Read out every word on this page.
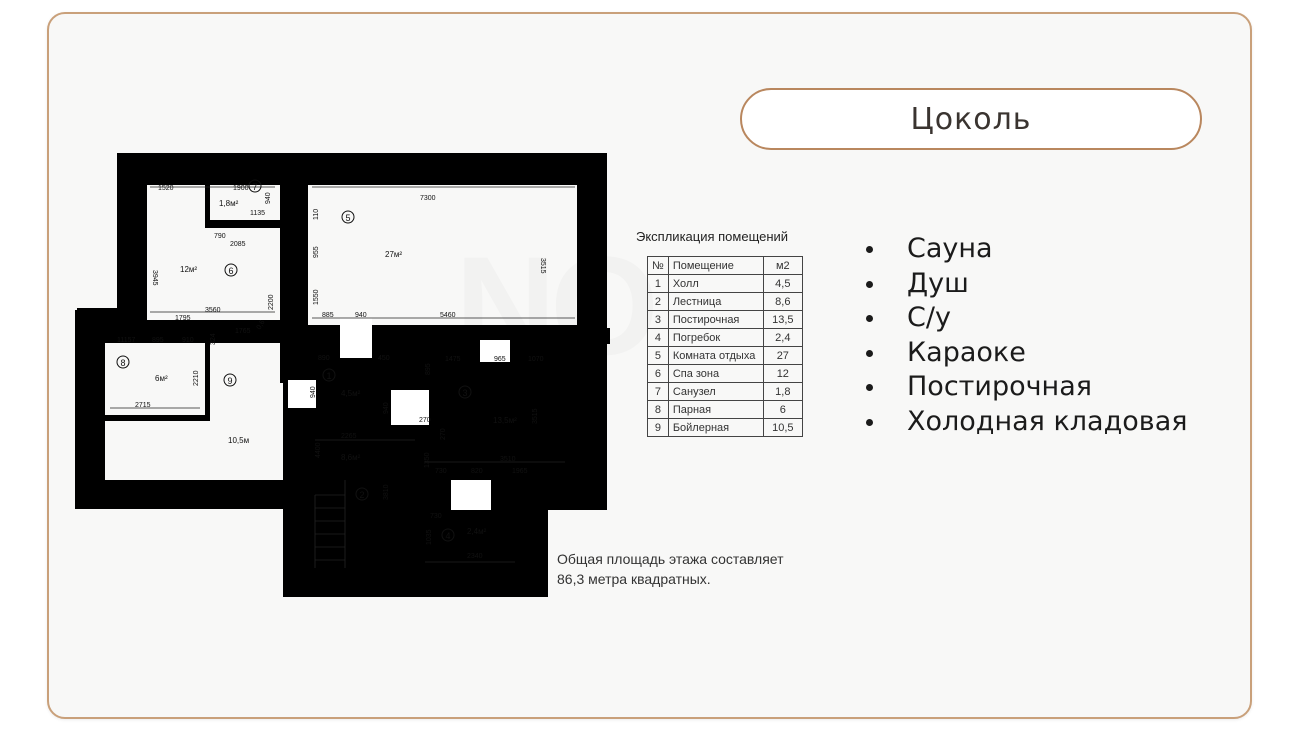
Цоколь
7
5
6
8
9	1
3
2
4
1,8м²
27м²
12м²
6м²
10,5м
4,5м²
13,5м²
8,6м²
2,4м²
1520	1900
940
1135
7300
110
790
2085
3945
955
3515
3560
2200	1550
1795	885	940	5460
11157 895	910
1765
324
0,6
890	450	1475	965	1070
2210
895
2715
940
940
270
270
3515
2265
4400
1350	3510
730	820	1965
3810
730
1035
2340
Экспликация помещений
№	Помещение	м2
1	Холл	4,5
2	Лестница	8,6
3	Постирочная	13,5
4	Погребок	2,4
5	Комната отдыха	27
6	Спа зона	12
7	Санузел	1,8
8	Парная	6
9	Бойлерная	10,5
Сауна
Душ
С/у
Караоке
Постирочная
Холодная кладовая
Общая площадь этажа составляет
86,3 метра квадратных.
